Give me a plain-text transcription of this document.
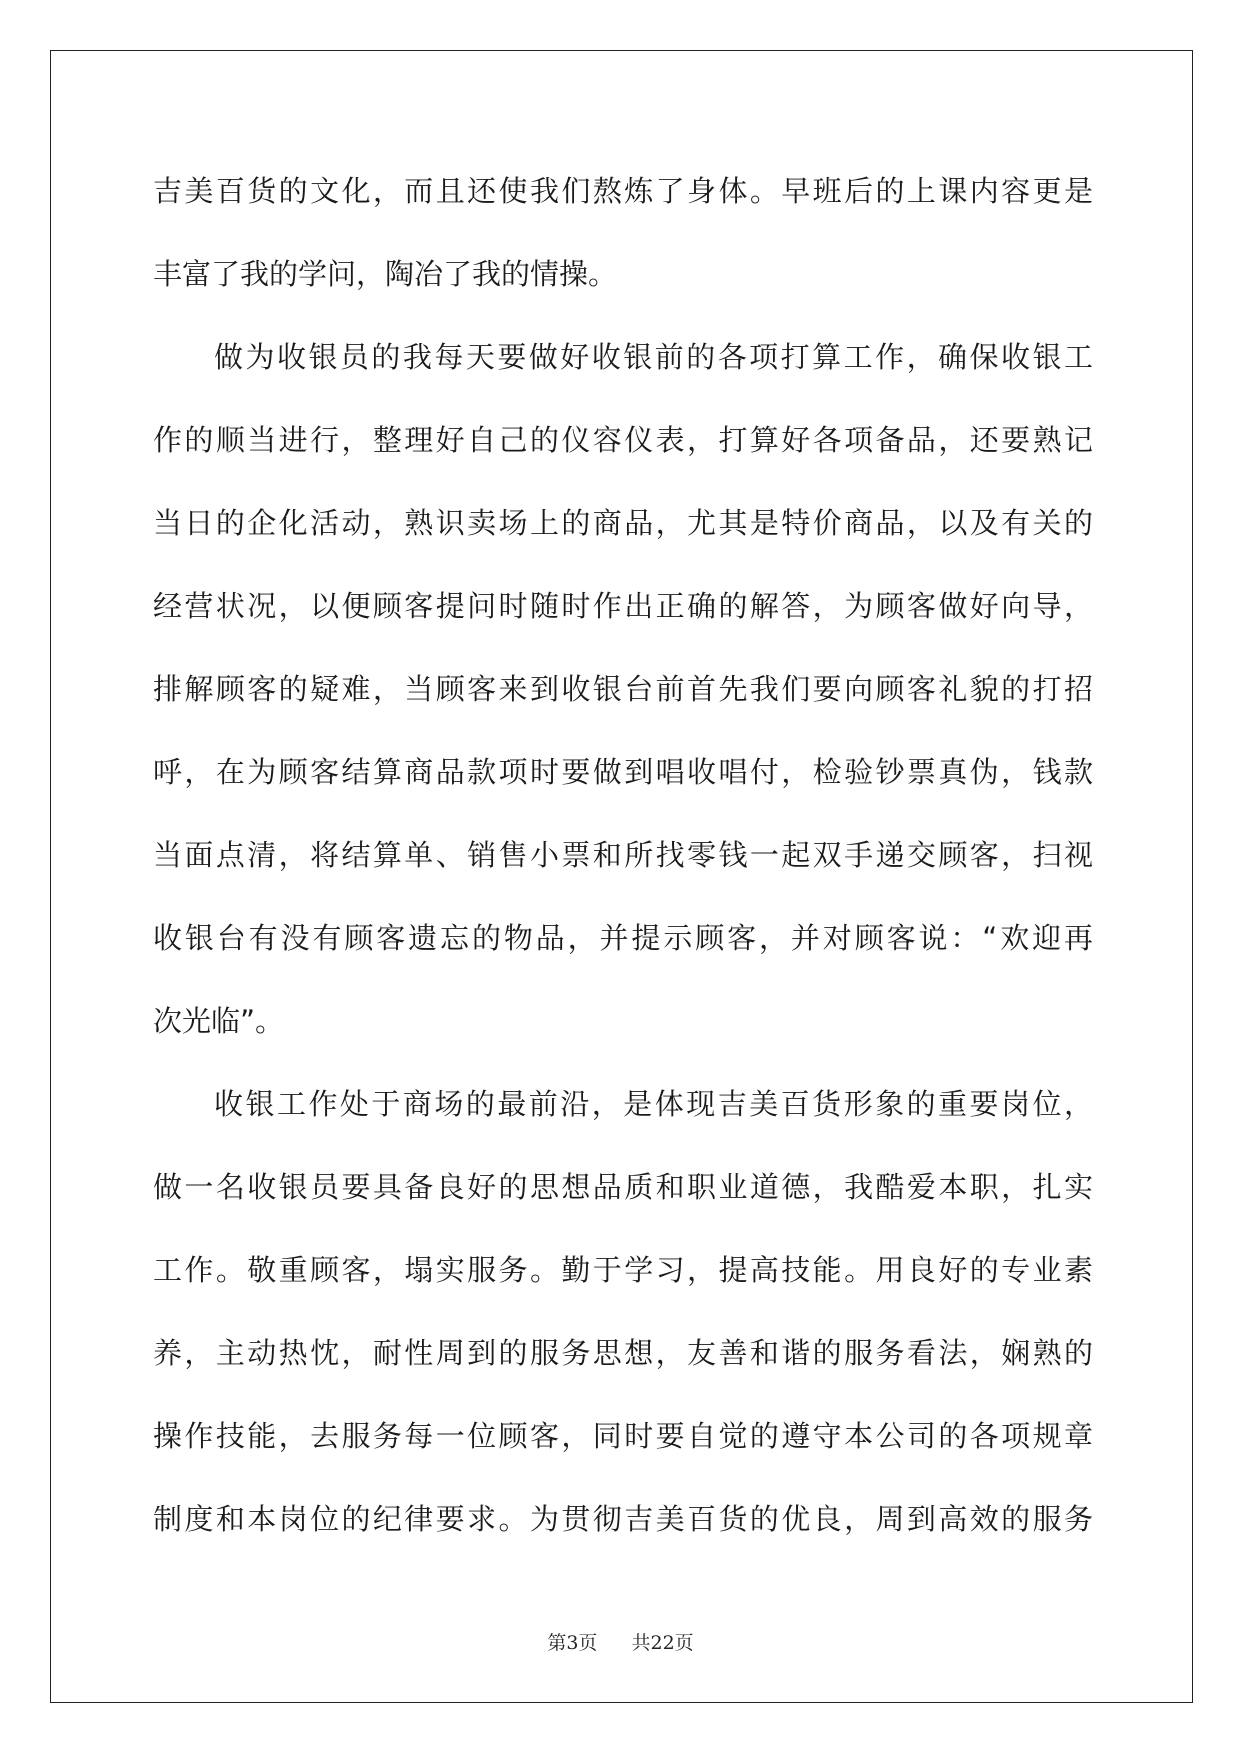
吉美百货的文化，而且还使我们熬炼了身体。早班后的上课内容更是
丰富了我的学问，陶冶了我的情操。
做为收银员的我每天要做好收银前的各项打算工作，确保收银工
作的顺当进行，整理好自己的仪容仪表，打算好各项备品，还要熟记
当日的企化活动，熟识卖场上的商品，尤其是特价商品，以及有关的
经营状况，以便顾客提问时随时作出正确的解答，为顾客做好向导，
排解顾客的疑难，当顾客来到收银台前首先我们要向顾客礼貌的打招
呼，在为顾客结算商品款项时要做到唱收唱付，检验钞票真伪，钱款
当面点清，将结算单、销售小票和所找零钱一起双手递交顾客，扫视
收银台有没有顾客遗忘的物品，并提示顾客，并对顾客说：“欢迎再
次光临”。
收银工作处于商场的最前沿，是体现吉美百货形象的重要岗位，
做一名收银员要具备良好的思想品质和职业道德，我酷爱本职，扎实
工作。敬重顾客，塌实服务。勤于学习，提高技能。用良好的专业素
养，主动热忱，耐性周到的服务思想，友善和谐的服务看法，娴熟的
操作技能，去服务每一位顾客，同时要自觉的遵守本公司的各项规章
制度和本岗位的纪律要求。为贯彻吉美百货的优良，周到高效的服务
第3页 共22页
